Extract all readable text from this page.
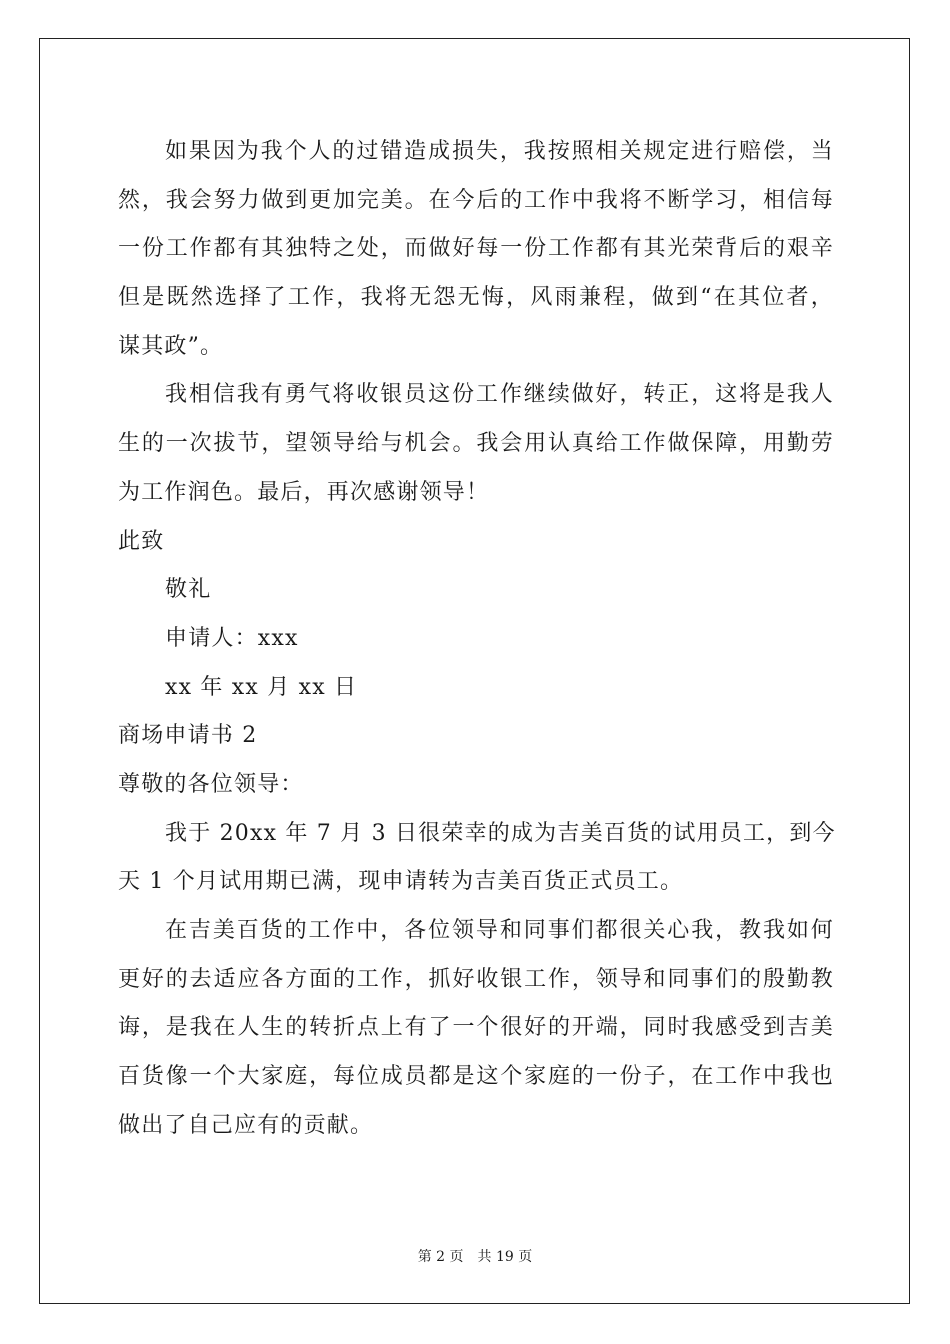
如果因为我个人的过错造成损失，我按照相关规定进行赔偿，当
然，我会努力做到更加完美。在今后的工作中我将不断学习，相信每
一份工作都有其独特之处，而做好每一份工作都有其光荣背后的艰辛
但是既然选择了工作，我将无怨无悔，风雨兼程，做到“在其位者，
谋其政”。
我相信我有勇气将收银员这份工作继续做好，转正，这将是我人
生的一次拔节，望领导给与机会。我会用认真给工作做保障，用勤劳
为工作润色。最后，再次感谢领导！
此致
敬礼
申请人：xxx
xx 年 xx 月 xx 日
商场申请书 2
尊敬的各位领导：
我于 20xx 年 7 月 3 日很荣幸的成为吉美百货的试用员工，到今
天 1 个月试用期已满，现申请转为吉美百货正式员工。
在吉美百货的工作中，各位领导和同事们都很关心我，教我如何
更好的去适应各方面的工作，抓好收银工作，领导和同事们的殷勤教
诲，是我在人生的转折点上有了一个很好的开端，同时我感受到吉美
百货像一个大家庭，每位成员都是这个家庭的一份子，在工作中我也
做出了自己应有的贡献。
第 2 页 共 19 页
